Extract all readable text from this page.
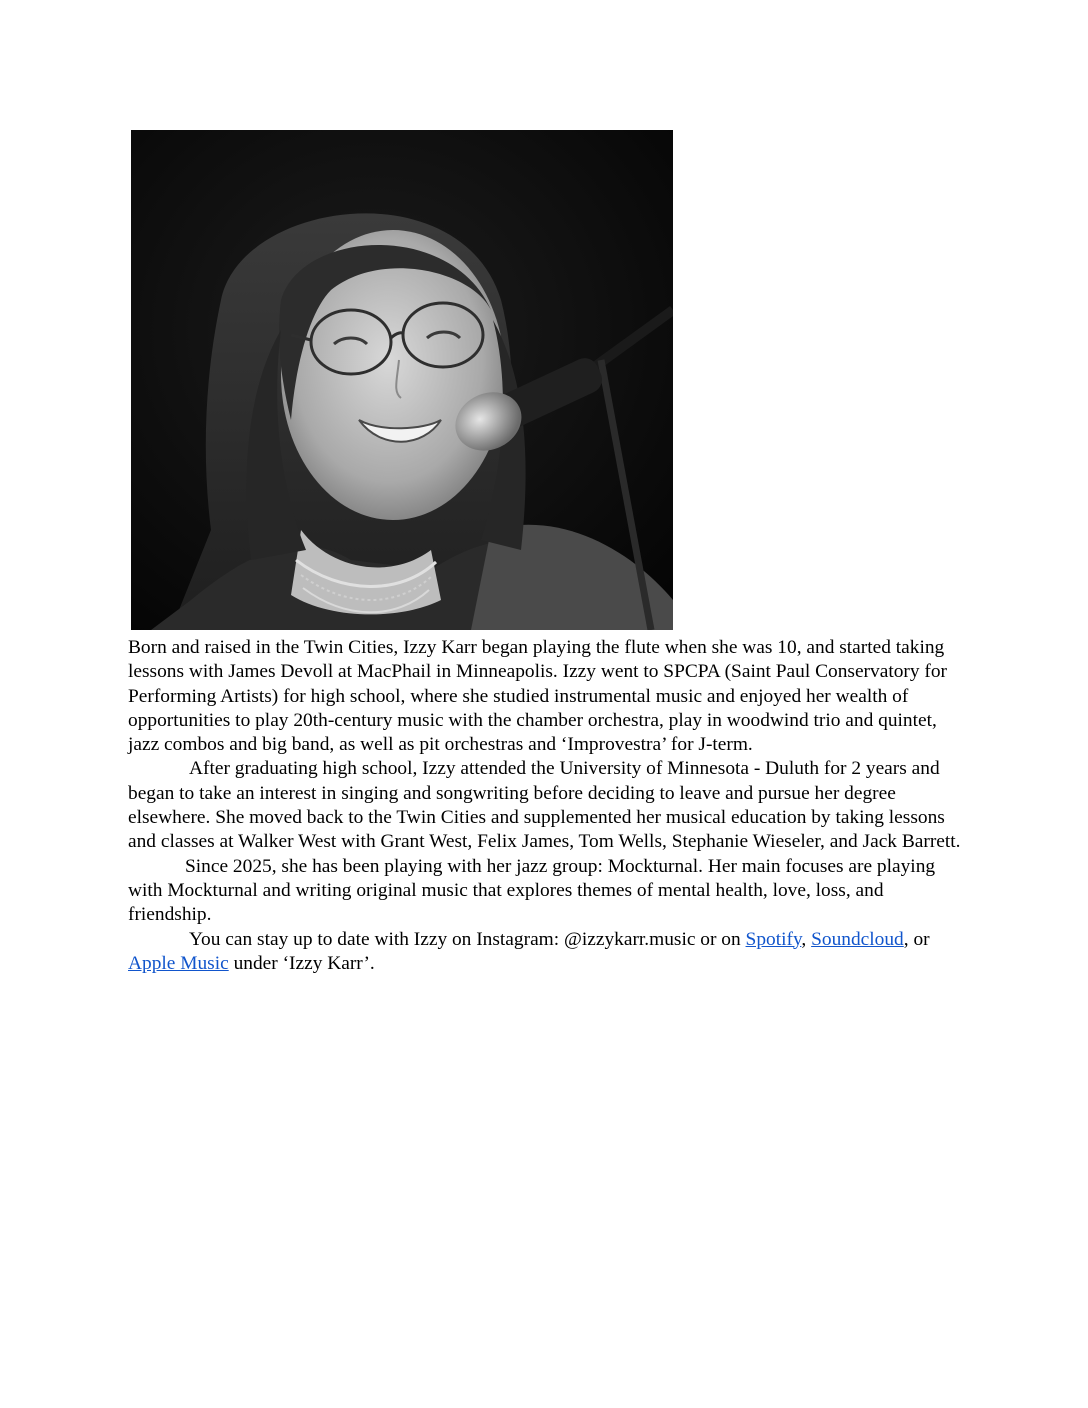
Born and raised in the Twin Cities, Izzy Karr began playing the flute when she was 10, and started taking lessons with James Devoll at MacPhail in Minneapolis. Izzy went to SPCPA (Saint Paul Conservatory for Performing Artists) for high school, where she studied instrumental music and enjoyed her wealth of opportunities to play 20th-century music with the chamber orchestra, play in woodwind trio and quintet, jazz combos and big band, as well as pit orchestras and ‘Improvestra’ for J-term.

After graduating high school, Izzy attended the University of Minnesota - Duluth for 2 years and began to take an interest in singing and songwriting before deciding to leave and pursue her degree elsewhere. She moved back to the Twin Cities and supplemented her musical education by taking lessons and classes at Walker West with Grant West, Felix James, Tom Wells, Stephanie Wieseler, and Jack Barrett.

Since 2025, she has been playing with her jazz group: Mockturnal. Her main focuses are playing with Mockturnal and writing original music that explores themes of mental health, love, loss, and friendship.

You can stay up to date with Izzy on Instagram: @izzykarr.music or on Spotify, Soundcloud, or Apple Music under ‘Izzy Karr’.
